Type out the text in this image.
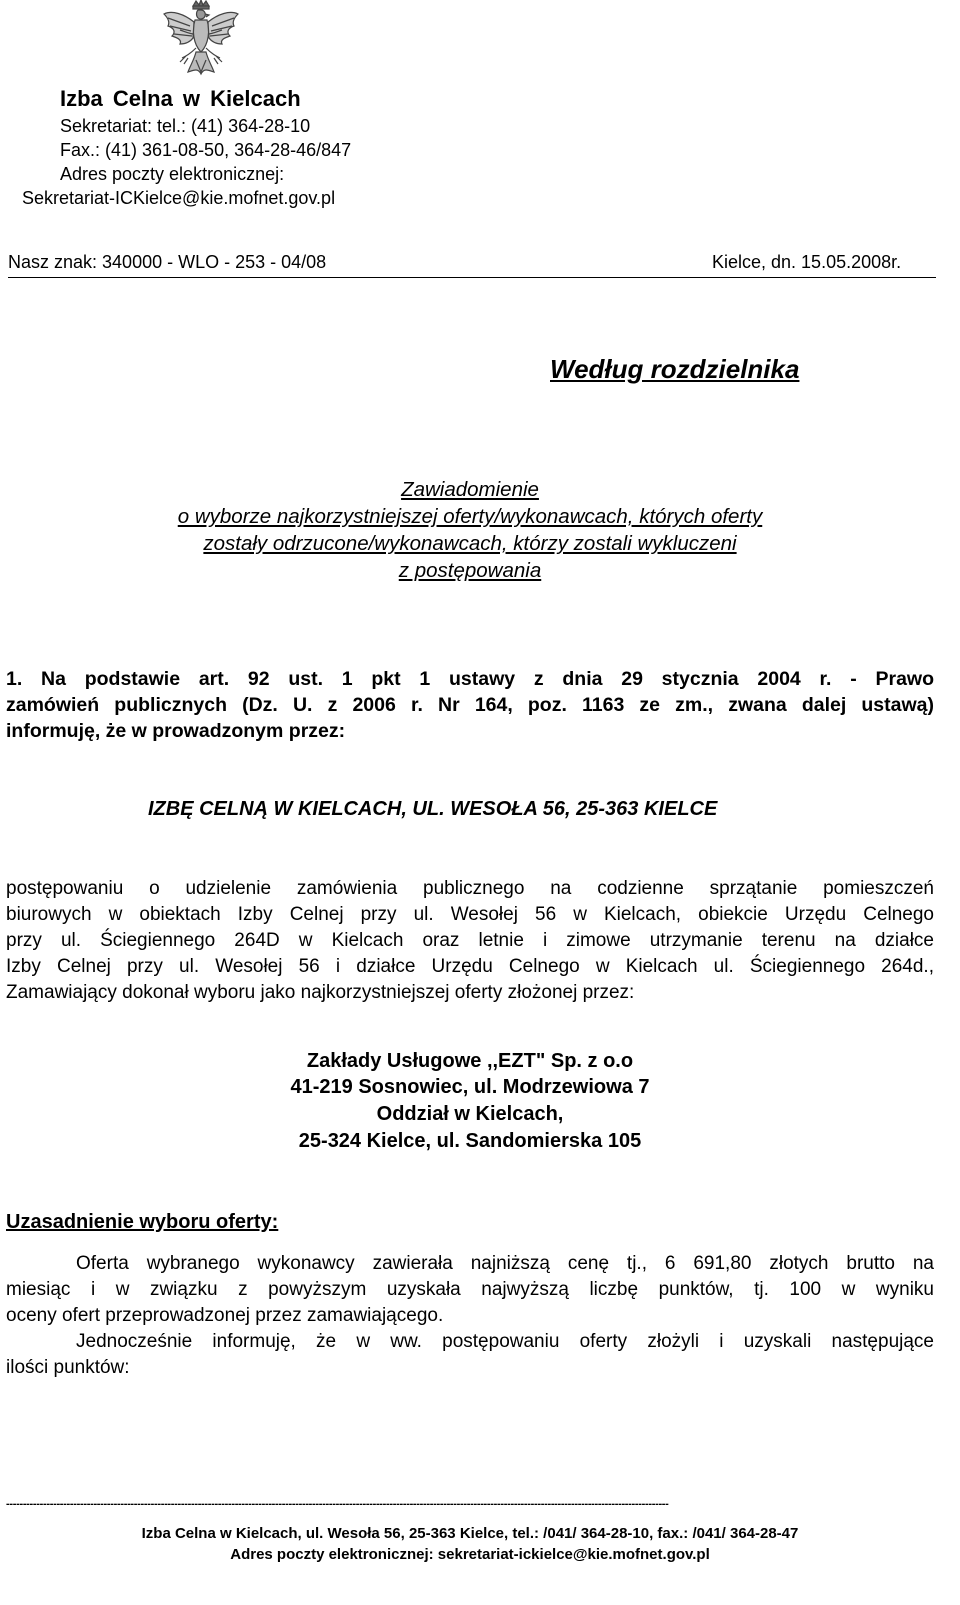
Izba Celna w Kielcach
Sekretariat: tel.: (41) 364-28-10
Fax.: (41) 361-08-50, 364-28-46/847
Adres poczty elektronicznej:
Sekretariat-ICKielce@kie.mofnet.gov.pl
Nasz znak: 340000 - WLO - 253 - 04/08	Kielce, dn. 15.05.2008r.
Według rozdzielnika
Zawiadomienie
o wyborze najkorzystniejszej oferty/wykonawcach, których oferty
zostały odrzucone/wykonawcach, którzy zostali wykluczeni
z postępowania
1. Na podstawie art. 92 ust. 1 pkt 1 ustawy z dnia 29 stycznia 2004 r. - Prawo
zamówień publicznych (Dz. U. z 2006 r. Nr 164, poz. 1163 ze zm., zwana dalej ustawą)
informuję, że w prowadzonym przez:
IZBĘ CELNĄ W KIELCACH, UL. WESOŁA 56, 25-363 KIELCE
postępowaniu o udzielenie zamówienia publicznego na codzienne sprzątanie pomieszczeń
biurowych w obiektach Izby Celnej przy ul. Wesołej 56 w Kielcach, obiekcie Urzędu Celnego
przy ul. Ściegiennego 264D w Kielcach oraz letnie i zimowe utrzymanie terenu na działce
Izby Celnej przy ul. Wesołej 56 i działce Urzędu Celnego w Kielcach ul. Ściegiennego 264d.,
Zamawiający dokonał wyboru jako najkorzystniejszej oferty złożonej przez:
Zakłady Usługowe ,,EZT" Sp. z o.o
41-219 Sosnowiec, ul. Modrzewiowa 7
Oddział w Kielcach,
25-324 Kielce, ul. Sandomierska 105
Uzasadnienie wyboru oferty:
Oferta wybranego wykonawcy zawierała najniższą cenę tj., 6 691,80 złotych brutto na
miesiąc i w związku z powyższym uzyskała najwyższą liczbę punktów, tj. 100 w wyniku
oceny ofert przeprowadzonej przez zamawiającego.
Jednocześnie informuję, że w ww. postępowaniu oferty złożyli i uzyskali następujące
ilości punktów:
-----------------------------------------------------------------------------------------------------------------------------------------------------------------------------------------------------
Izba Celna w Kielcach, ul. Wesoła 56, 25-363 Kielce, tel.: /041/ 364-28-10, fax.: /041/ 364-28-47
Adres poczty elektronicznej: sekretariat-ickielce@kie.mofnet.gov.pl
